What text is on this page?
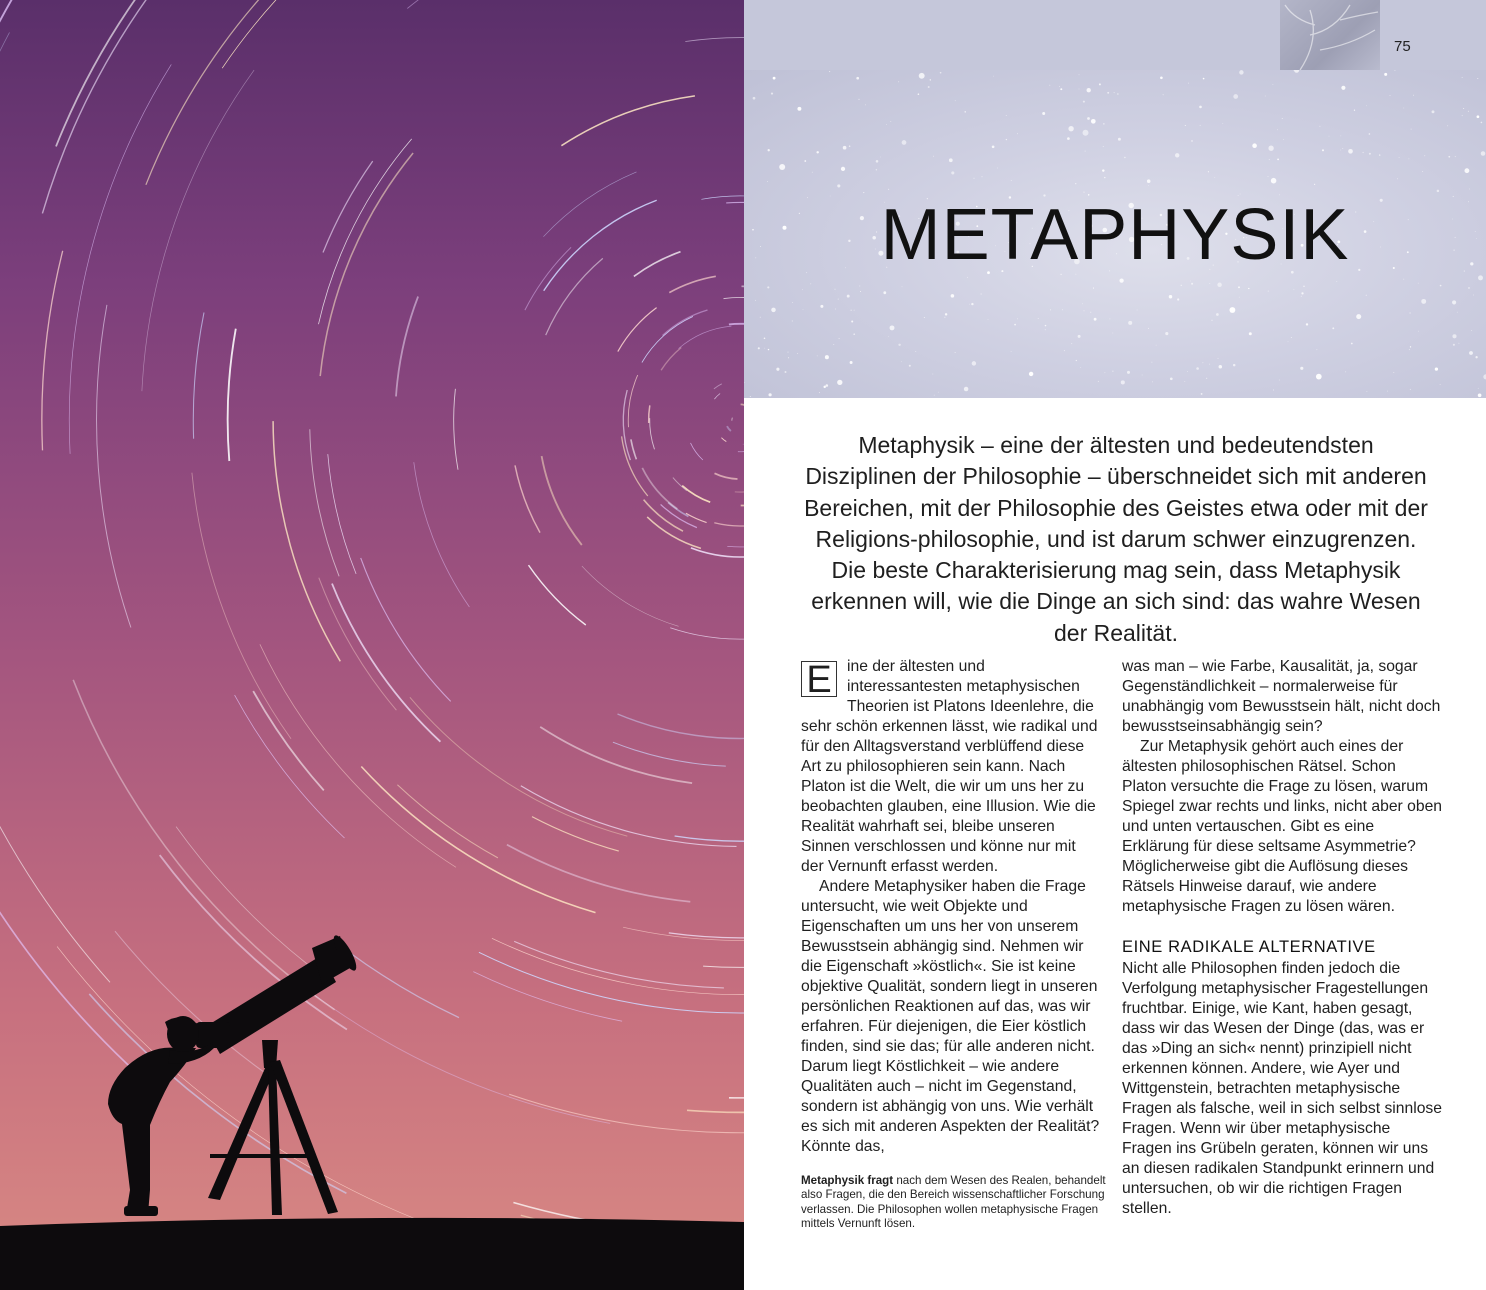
75
METAPHYSIK

Metaphysik – eine der ältesten und bedeutendsten Disziplinen der Philosophie – überschneidet sich mit anderen Bereichen, mit der Philosophie des Geistes etwa oder mit der Religions-philosophie, und ist darum schwer einzugrenzen. Die beste Charakterisierung mag sein, dass Metaphysik erkennen will, wie die Dinge an sich sind: das wahre Wesen der Realität.

E ine der ältesten und interessantesten metaphysischen Theorien ist Platons Ideenlehre, die sehr schön erkennen lässt, wie radikal und für den Alltagsverstand verblüffend diese Art zu philosophieren sein kann. Nach Platon ist die Welt, die wir um uns her zu beobachten glauben, eine Illusion. Wie die Realität wahrhaft sei, bleibe unseren Sinnen verschlossen und könne nur mit der Vernunft erfasst werden.

Andere Metaphysiker haben die Frage untersucht, wie weit Objekte und Eigenschaften um uns her von unserem Bewusstsein abhängig sind. Nehmen wir die Eigenschaft »köstlich«. Sie ist keine objektive Qualität, sondern liegt in unseren persönlichen Reaktionen auf das, was wir erfahren. Für diejenigen, die Eier köstlich finden, sind sie das; für alle anderen nicht. Darum liegt Köstlichkeit – wie andere Qualitäten auch – nicht im Gegenstand, sondern ist abhängig von uns. Wie verhält es sich mit anderen Aspekten der Realität? Könnte das,

Metaphysik fragt nach dem Wesen des Realen, behandelt also Fragen, die den Bereich wissenschaftlicher Forschung verlassen. Die Philosophen wollen metaphysische Fragen mittels Vernunft lösen.

was man – wie Farbe, Kausalität, ja, sogar Gegenständlichkeit – normalerweise für unabhängig vom Bewusstsein hält, nicht doch bewusstseinsabhängig sein?

Zur Metaphysik gehört auch eines der ältesten philosophischen Rätsel. Schon Platon versuchte die Frage zu lösen, warum Spiegel zwar rechts und links, nicht aber oben und unten vertauschen. Gibt es eine Erklärung für diese seltsame Asymmetrie? Möglicherweise gibt die Auflösung dieses Rätsels Hinweise darauf, wie andere metaphysische Fragen zu lösen wären.

EINE RADIKALE ALTERNATIVE

Nicht alle Philosophen finden jedoch die Verfolgung metaphysischer Fragestellungen fruchtbar. Einige, wie Kant, haben gesagt, dass wir das Wesen der Dinge (das, was er das »Ding an sich« nennt) prinzipiell nicht erkennen können. Andere, wie Ayer und Wittgenstein, betrachten metaphysische Fragen als falsche, weil in sich selbst sinnlose Fragen. Wenn wir über metaphysische Fragen ins Grübeln geraten, können wir uns an diesen radikalen Standpunkt erinnern und untersuchen, ob wir die richtigen Fragen stellen.
